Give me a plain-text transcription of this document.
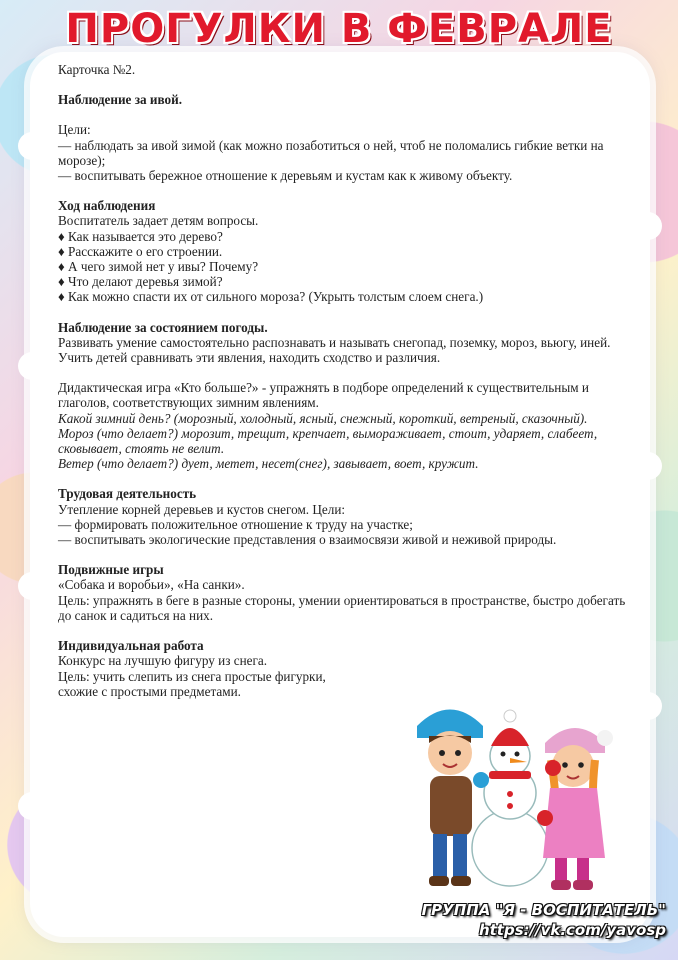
ПРОГУЛКИ В ФЕВРАЛЕ

Карточка №2.

Наблюдение за ивой.

Цели:

— наблюдать за ивой зимой (как можно позаботиться о ней, чтоб не поломались гибкие ветки на морозе);

— воспитывать бережное отношение к деревьям и кустам как к живому объекту.

Ход наблюдения

Воспитатель задает детям вопросы.

♦ Как называется это дерево?

♦ Расскажите о его строении.

♦ А чего зимой нет у ивы? Почему?

♦ Что делают деревья зимой?

♦ Как можно спасти их от сильного мороза? (Укрыть толстым слоем снега.)

Наблюдение за состоянием погоды.

Развивать умение самостоятельно распознавать и называть снегопад, поземку, мороз, вьюгу, иней. Учить детей сравнивать эти явления, находить сходство и различия.

Дидактическая игра «Кто больше?» - упражнять в подборе определений к существительным и глаголов, соответствующих зимним явлениям.

Какой зимний день? (морозный, холодный, ясный, снежный, короткий, ветреный, сказочный).

Мороз (что делает?) морозит, трещит, крепчает, вымораживает, стоит, ударяет, слабеет, сковывает, стоять не велит.

Ветер (что делает?) дует, метет, несет(снег), завывает, воет, кружит.

Трудовая деятельность

Утепление корней деревьев и кустов снегом. Цели:

— формировать положительное отношение к труду на участке;

— воспитывать экологические представления о взаимосвязи живой и неживой природы.

Подвижные игры

«Собака и воробьи», «На санки».

Цель: упражнять в беге в разные стороны, умении ориентироваться в пространстве, быстро добегать до санок и садиться на них.

Индивидуальная работа

Конкурс на лучшую фигуру из снега.

Цель: учить слепить из снега простые фигурки, схожие с простыми предметами.

ГРУППА "Я - ВОСПИТАТЕЛЬ"
https://vk.com/yavosp
